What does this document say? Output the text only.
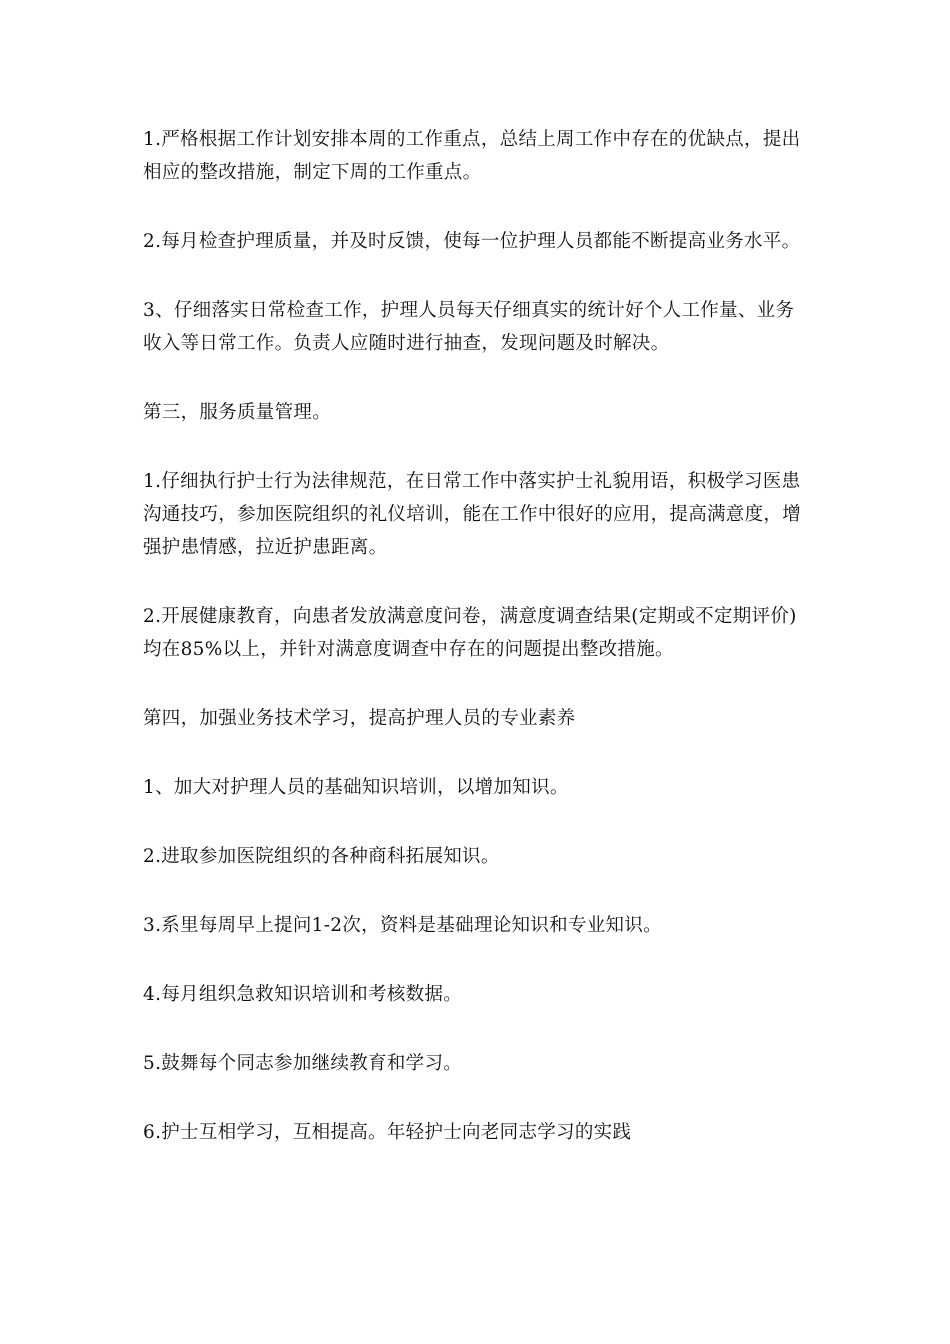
1.严格根据工作计划安排本周的工作重点，总结上周工作中存在的优缺点，提出相应的整改措施，制定下周的工作重点。

2.每月检查护理质量，并及时反馈，使每一位护理人员都能不断提高业务水平。

3、仔细落实日常检查工作，护理人员每天仔细真实的统计好个人工作量、业务收入等日常工作。负责人应随时进行抽查，发现问题及时解决。

第三，服务质量管理。

1.仔细执行护士行为法律规范，在日常工作中落实护士礼貌用语，积极学习医患沟通技巧，参加医院组织的礼仪培训，能在工作中很好的应用，提高满意度，增强护患情感，拉近护患距离。

2.开展健康教育，向患者发放满意度问卷，满意度调查结果(定期或不定期评价)均在85%以上，并针对满意度调查中存在的问题提出整改措施。

第四，加强业务技术学习，提高护理人员的专业素养

1、加大对护理人员的基础知识培训，以增加知识。

2.进取参加医院组织的各种商科拓展知识。

3.系里每周早上提问1-2次，资料是基础理论知识和专业知识。

4.每月组织急救知识培训和考核数据。

5.鼓舞每个同志参加继续教育和学习。

6.护士互相学习，互相提高。年轻护士向老同志学习的实践
